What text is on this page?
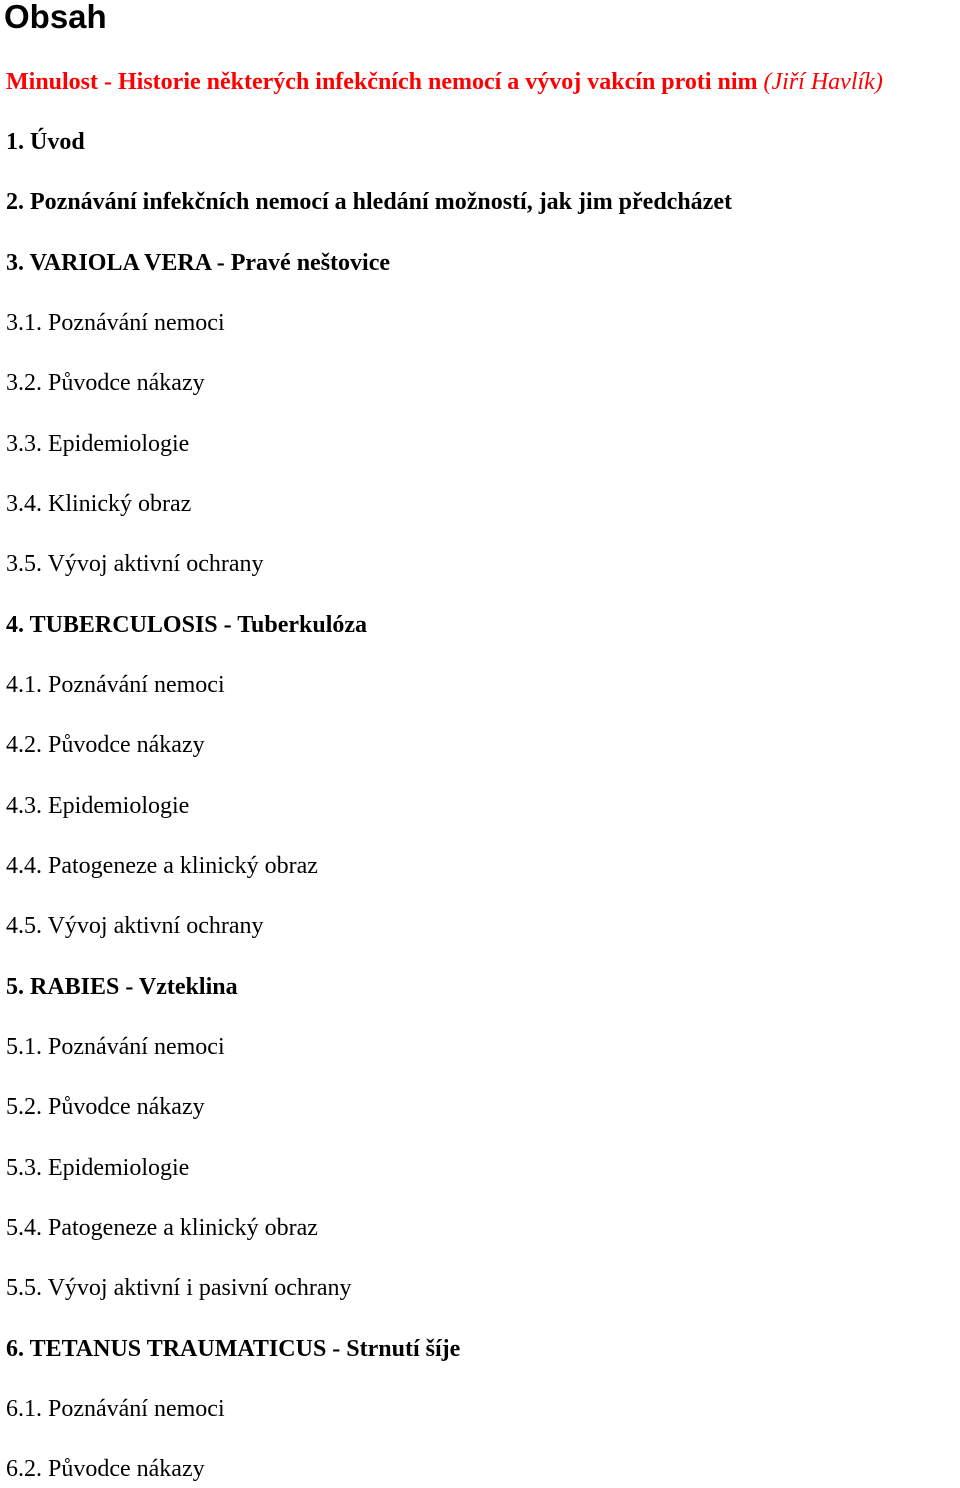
Obsah

Minulost - Historie některých infekčních nemocí a vývoj vakcín proti nim (Jiří Havlík)

1. Úvod
2. Poznávání infekčních nemocí a hledání možností, jak jim předcházet
3. VARIOLA VERA - Pravé neštovice
3.1. Poznávání nemoci
3.2. Původce nákazy
3.3. Epidemiologie
3.4. Klinický obraz
3.5. Vývoj aktivní ochrany
4. TUBERCULOSIS - Tuberkulóza
4.1. Poznávání nemoci
4.2. Původce nákazy
4.3. Epidemiologie
4.4. Patogeneze a klinický obraz
4.5. Vývoj aktivní ochrany
5. RABIES - Vzteklina
5.1. Poznávání nemoci
5.2. Původce nákazy
5.3. Epidemiologie
5.4. Patogeneze a klinický obraz
5.5. Vývoj aktivní i pasivní ochrany
6. TETANUS TRAUMATICUS - Strnutí šíje
6.1. Poznávání nemoci
6.2. Původce nákazy
